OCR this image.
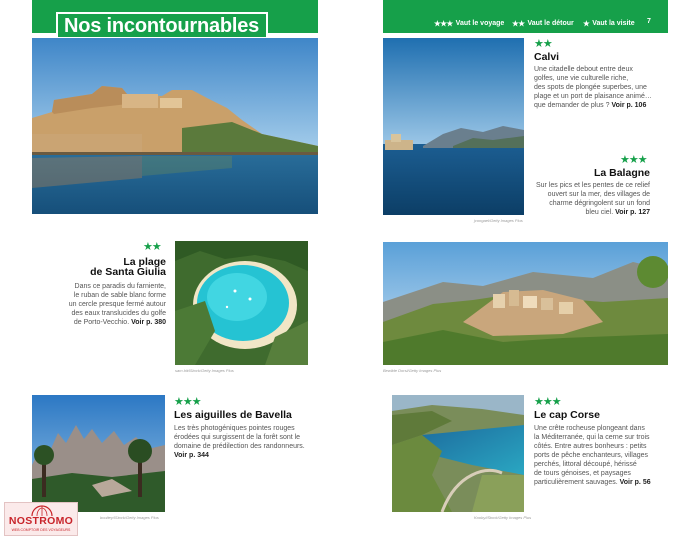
Nos incontournables	★★★ Vaut le voyage ★★ Vaut le détour ★ Vaut la visite 7
jcongael/Getty Images Plus
★★
Calvi
Une citadelle debout entre deux
golfes, une vie culturelle riche,
des spots de plongée superbes, une
plage et un port de plaisance animé…
que demander de plus ? Voir p. 106
★★★
La Balagne
Sur les pics et les pentes de ce relief
ouvert sur la mer, des villages de
charme dégringolent sur un fond
bleu ciel. Voir p. 127
★★
La plage
de Santa Giulia
Dans ce paradis du farniente,
le ruban de sable blanc forme
un cercle presque fermé autour
des eaux translucides du golfe
de Porto-Vecchio. Voir p. 380
sam bit/iStock/Getty Images Plus	Bewilde Dorsi/Getty Images Plus
boultey/iStock/Getty Images Plus
★★★
Les aiguilles de Bavella
Les très photogéniques pointes rouges
érodées qui surgissent de la forêt sont le
domaine de prédilection des randonneurs.
Voir p. 344
Kooby/iStock/Getty Images Plus
★★★
Le cap Corse
Une crête rocheuse plongeant dans
la Méditerranée, qui la cerne sur trois
côtés. Entre autres bonheurs : petits
ports de pêche enchanteurs, villages
perchés, littoral découpé, hérissé
de tours génoises, et paysages
particulièrement sauvages. Voir p. 56
NOSTROMO
WEB COMPTOIR DES VOYAGEURS
